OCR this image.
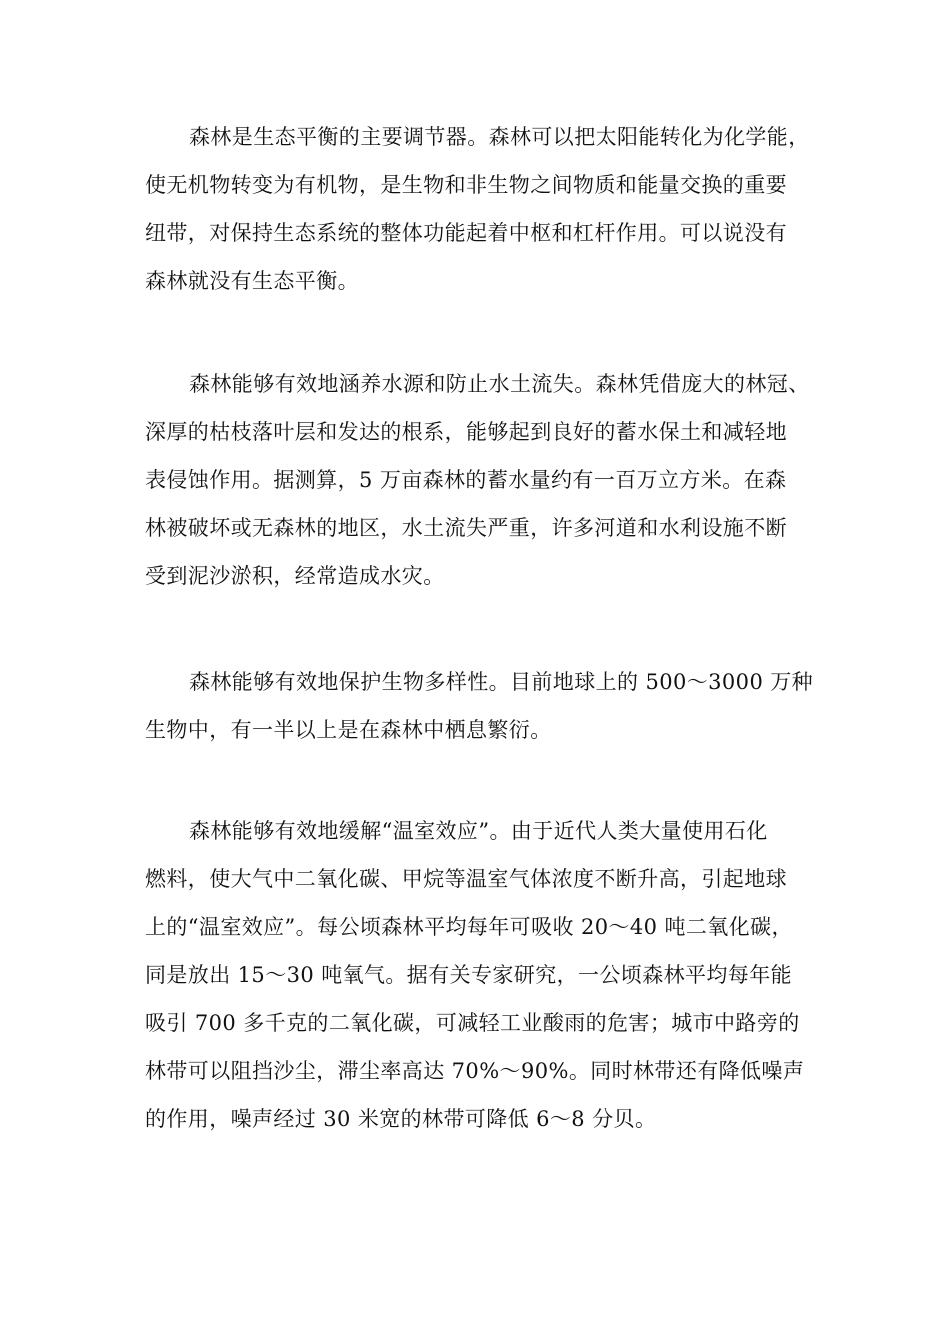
森林是生态平衡的主要调节器。森林可以把太阳能转化为化学能，
使无机物转变为有机物，是生物和非生物之间物质和能量交换的重要
纽带，对保持生态系统的整体功能起着中枢和杠杆作用。可以说没有
森林就没有生态平衡。
森林能够有效地涵养水源和防止水土流失。森林凭借庞大的林冠、
深厚的枯枝落叶层和发达的根系，能够起到良好的蓄水保土和减轻地
表侵蚀作用。据测算，5 万亩森林的蓄水量约有一百万立方米。在森
林被破坏或无森林的地区，水土流失严重，许多河道和水利设施不断
受到泥沙淤积，经常造成水灾。
森林能够有效地保护生物多样性。目前地球上的 500～3000 万种
生物中，有一半以上是在森林中栖息繁衍。
森林能够有效地缓解“温室效应”。由于近代人类大量使用石化
燃料，使大气中二氧化碳、甲烷等温室气体浓度不断升高，引起地球
上的“温室效应”。每公顷森林平均每年可吸收 20～40 吨二氧化碳，
同是放出 15～30 吨氧气。据有关专家研究，一公顷森林平均每年能
吸引 700 多千克的二氧化碳，可减轻工业酸雨的危害；城市中路旁的
林带可以阻挡沙尘，滞尘率高达 70%～90%。同时林带还有降低噪声
的作用，噪声经过 30 米宽的林带可降低 6～8 分贝。
